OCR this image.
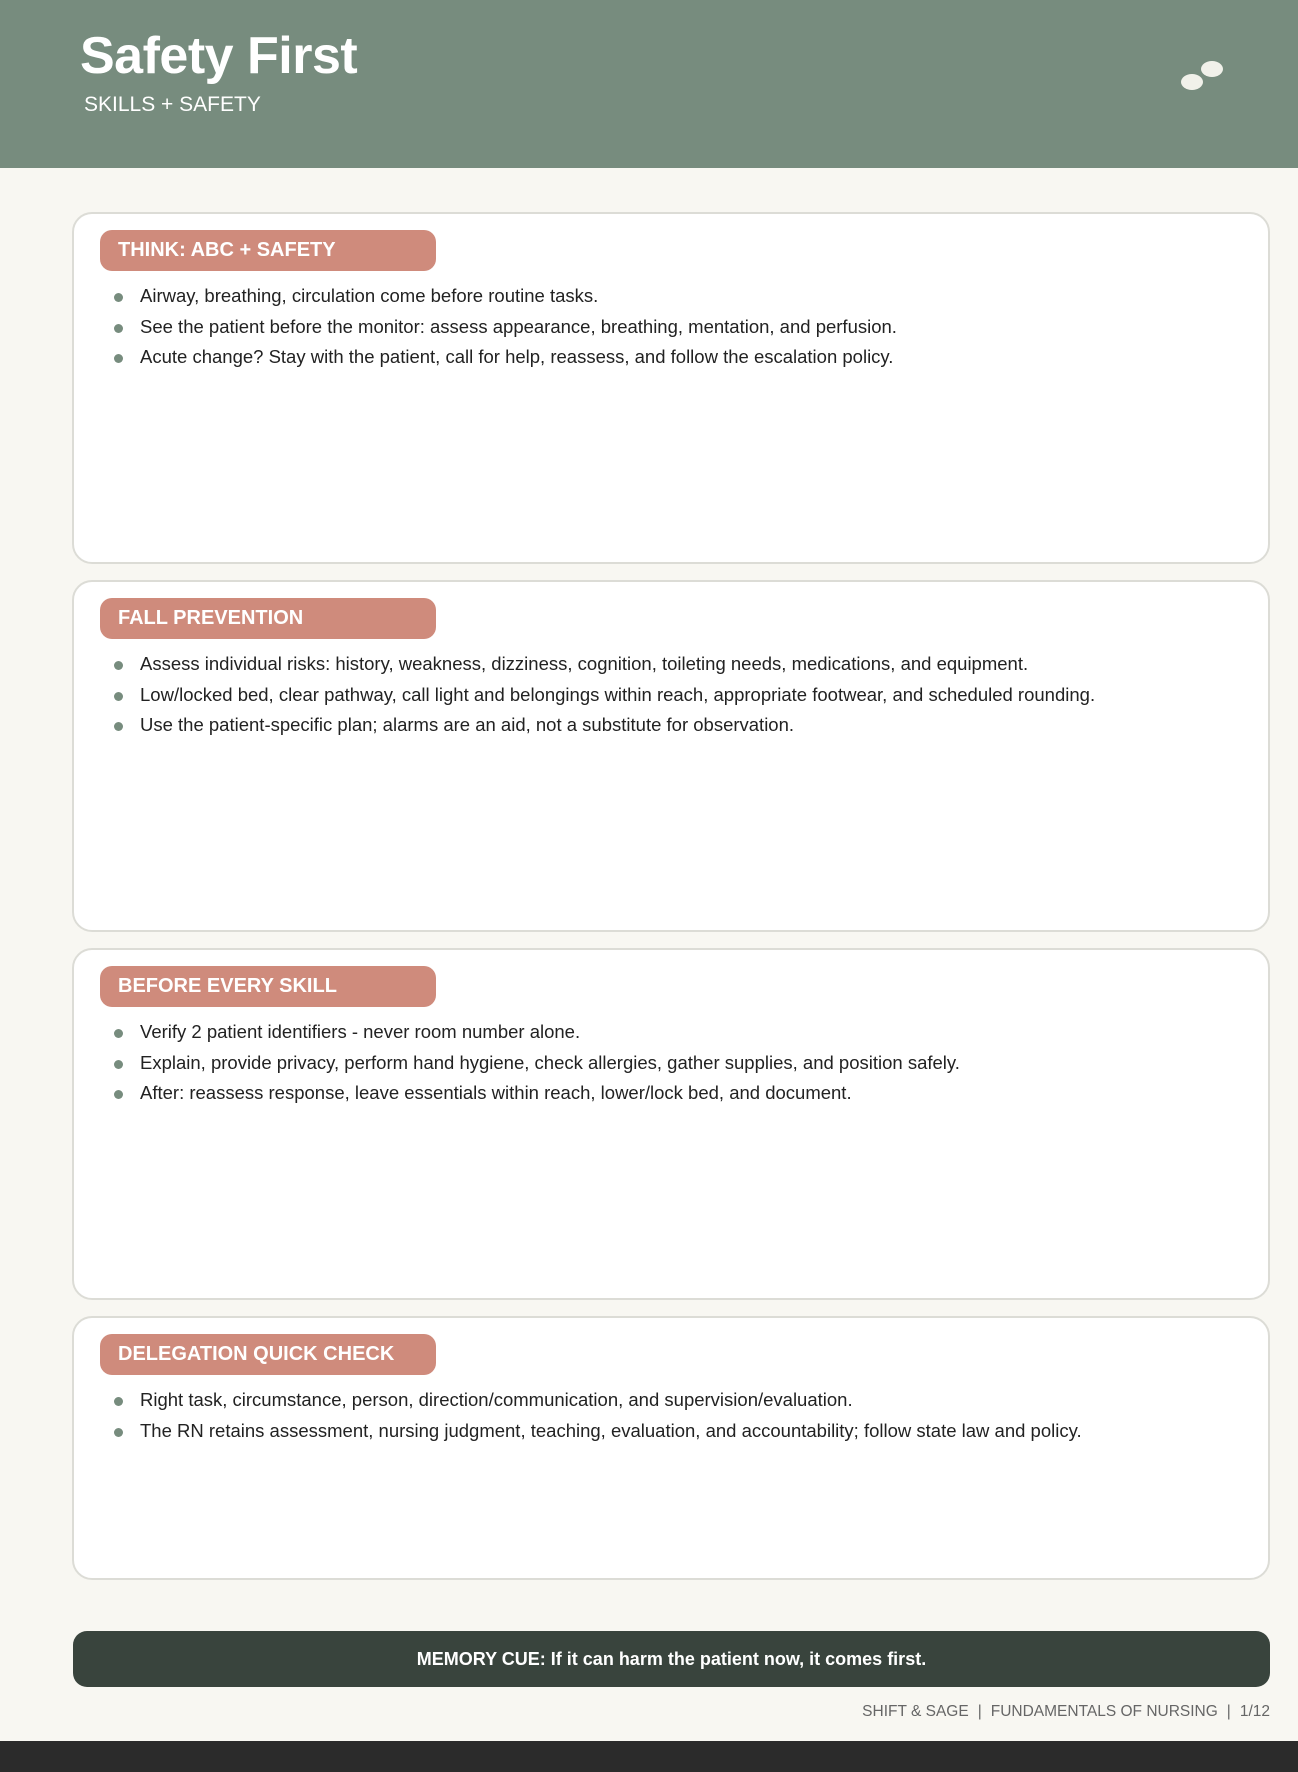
Safety First
SKILLS + SAFETY
THINK: ABC + SAFETY
Airway, breathing, circulation come before routine tasks.
See the patient before the monitor: assess appearance, breathing, mentation, and perfusion.
Acute change? Stay with the patient, call for help, reassess, and follow the escalation policy.
FALL PREVENTION
Assess individual risks: history, weakness, dizziness, cognition, toileting needs, medications, and equipment.
Low/locked bed, clear pathway, call light and belongings within reach, appropriate footwear, and scheduled rounding.
Use the patient-specific plan; alarms are an aid, not a substitute for observation.
BEFORE EVERY SKILL
Verify 2 patient identifiers - never room number alone.
Explain, provide privacy, perform hand hygiene, check allergies, gather supplies, and position safely.
After: reassess response, leave essentials within reach, lower/lock bed, and document.
DELEGATION QUICK CHECK
Right task, circumstance, person, direction/communication, and supervision/evaluation.
The RN retains assessment, nursing judgment, teaching, evaluation, and accountability; follow state law and policy.
MEMORY CUE: If it can harm the patient now, it comes first.
SHIFT & SAGE | FUNDAMENTALS OF NURSING | 1/12
